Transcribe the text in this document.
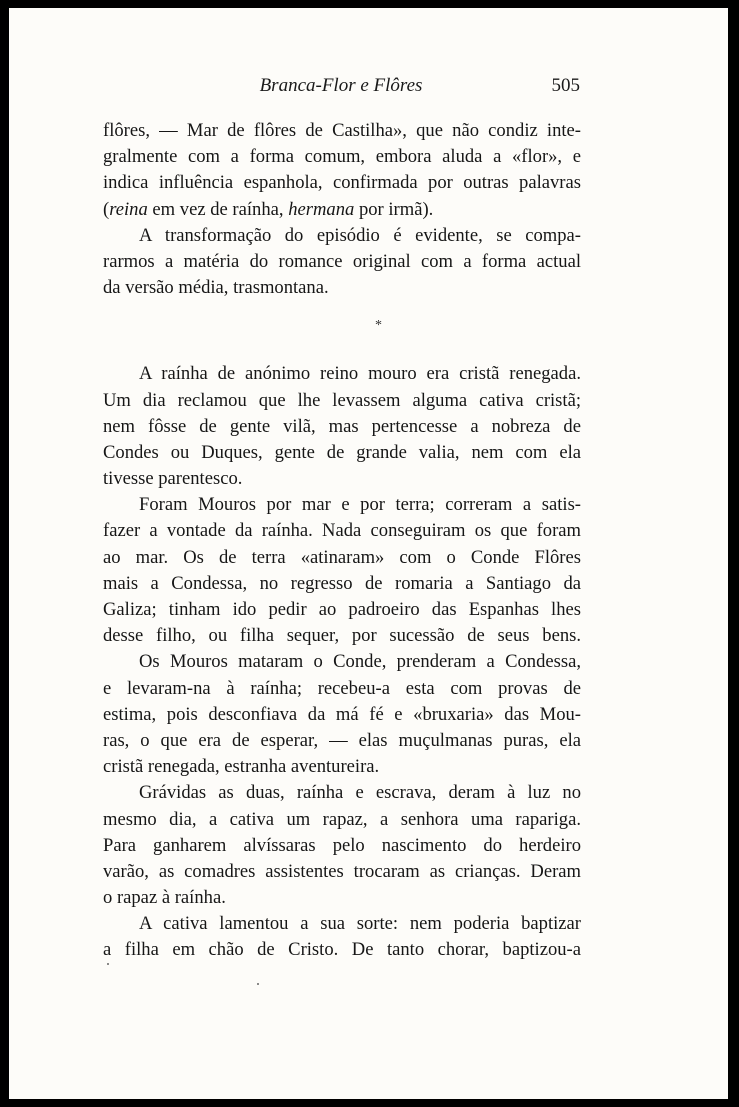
Branca-Flor e Flôres	505
flôres, — Mar de flôres de Castilha», que não condiz inte-
gralmente com a forma comum, embora aluda a «flor», e
indica influência espanhola, confirmada por outras palavras
(reina em vez de raínha, hermana por irmã).
A transformação do episódio é evidente, se compa-
rarmos a matéria do romance original com a forma actual
da versão média, trasmontana.
A raínha de anónimo reino mouro era cristã renegada.
Um dia reclamou que lhe levassem alguma cativa cristã;
nem fôsse de gente vilã, mas pertencesse a nobreza de
Condes ou Duques, gente de grande valia, nem com ela
tivesse parentesco.
Foram Mouros por mar e por terra; correram a satis-
fazer a vontade da raínha. Nada conseguiram os que foram
ao mar. Os de terra «atinaram» com o Conde Flôres
mais a Condessa, no regresso de romaria a Santiago da
Galiza; tinham ido pedir ao padroeiro das Espanhas lhes
desse filho, ou filha sequer, por sucessão de seus bens.
Os Mouros mataram o Conde, prenderam a Condessa,
e levaram-na à raínha; recebeu-a esta com provas de
estima, pois desconfiava da má fé e «bruxaria» das Mou-
ras, o que era de esperar, — elas muçulmanas puras, ela
cristã renegada, estranha aventureira.
Grávidas as duas, raínha e escrava, deram à luz no
mesmo dia, a cativa um rapaz, a senhora uma rapariga.
Para ganharem alvíssaras pelo nascimento do herdeiro
varão, as comadres assistentes trocaram as crianças. Deram
o rapaz à raínha.
A cativa lamentou a sua sorte: nem poderia baptizar
a filha em chão de Cristo. De tanto chorar, baptizou-a
*
